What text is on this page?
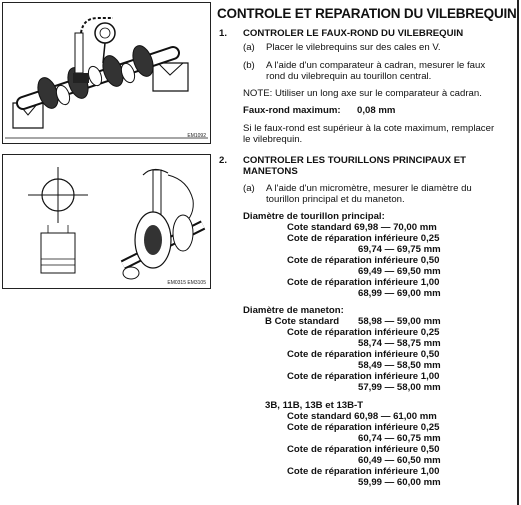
EM1092
EM0315 EM3105
CONTROLE ET REPARATION DU VILEBREQUIN
1. CONTROLER LE FAUX-ROND DU VILEBREQUIN
(a) Placer le vilebrequins sur des cales en V.
(b) A l'aide d'un comparateur à cadran, mesurer le faux
rond du vilebrequin au tourillon central.
NOTE: Utiliser un long axe sur le comparateur à cadran.
Faux-rond maximum: 0,08 mm
Si le faux-rond est supérieur à la cote maximum, remplacer
le vilebrequin.
2. CONTROLER LES TOURILLONS PRINCIPAUX ET
MANETONS
(a) A l'aide d'un micromètre, mesurer le diamètre du
tourillon principal et du maneton.
Diamètre de tourillon principal:
Cote standard 69,98 — 70,00 mm
Cote de réparation inférieure 0,25
69,74 — 69,75 mm
Cote de réparation inférieure 0,50
69,49 — 69,50 mm
Cote de réparation inférieure 1,00
68,99 — 69,00 mm
Diamètre de maneton:
B Cote standard 58,98 — 59,00 mm
Cote de réparation inférieure 0,25
58,74 — 58,75 mm
Cote de réparation inférieure 0,50
58,49 — 58,50 mm
Cote de réparation inférieure 1,00
57,99 — 58,00 mm
3B, 11B, 13B et 13B-T
Cote standard 60,98 — 61,00 mm
Cote de réparation inférieure 0,25
60,74 — 60,75 mm
Cote de réparation inférieure 0,50
60,49 — 60,50 mm
Cote de réparation inférieure 1,00
59,99 — 60,00 mm
